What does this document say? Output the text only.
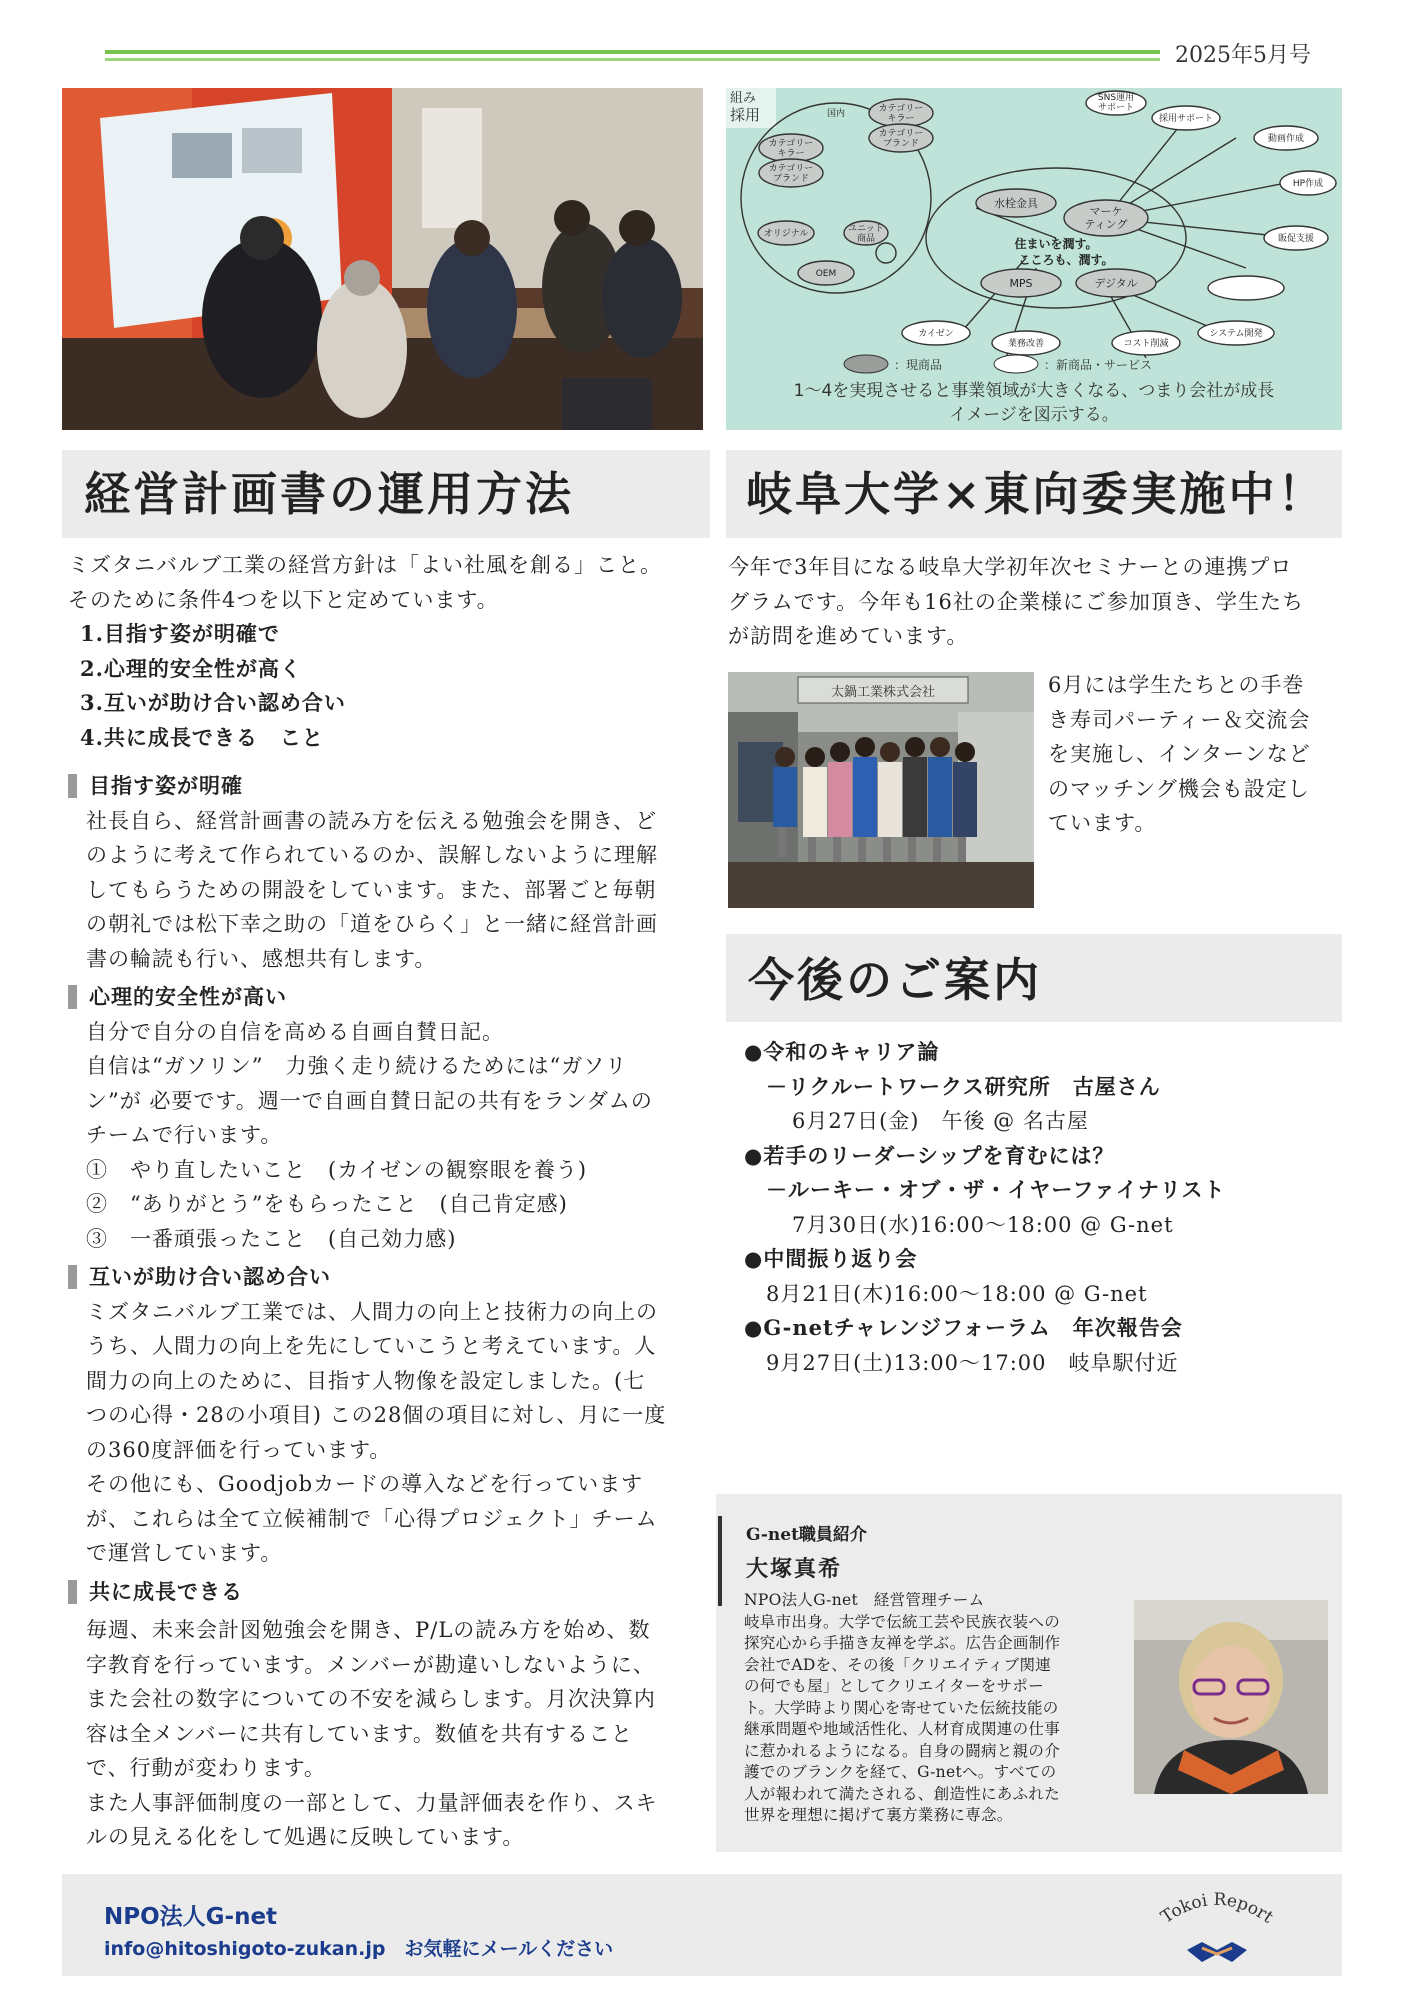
2025年5月号
組み
採用	国内
カテゴリー
キラー
カテゴリー
ブランド
カテゴリー
キラー
カテゴリー
ブランド
オリジナル	ユニット
商品
OEM
水栓金具
マーケ
ティング
住まいを潤す。
こころも、潤す。
SNS運用
サポート
採用サポート
動画作成
HP作成
販促支援
MPS	デジタル
カイゼン
業務改善	コスト削減
システム開発
：現商品	：新商品・サービス
1〜4を実現させると事業領域が大きくなる、つまり会社が成長
イメージを図示する。
経営計画書の運用方法

ミズタニバルブ工業の経営方針は「よい社風を創る」こと。

そのために条件4つを以下と定めています。

1.目指す姿が明確で
2.心理的安全性が高く
3.互いが助け合い認め合い
4.共に成長できる　こと
目指す姿が明確

社長自ら、経営計画書の読み方を伝える勉強会を開き、ど

のように考えて作られているのか、誤解しないように理解

してもらうための開設をしています。また、部署ごと毎朝

の朝礼では松下幸之助の「道をひらく」と一緒に経営計画

書の輪読も行い、感想共有します。

心理的安全性が高い

自分で自分の自信を高める自画自賛日記。

自信は“ガソリン”　力強く走り続けるためには“ガソリ

ン”が 必要です。週一で自画自賛日記の共有をランダムの

チームで行います。

①　やり直したいこと　(カイゼンの観察眼を養う)

②　“ありがとう”をもらったこと　(自己肯定感)

③　一番頑張ったこと　(自己効力感)

互いが助け合い認め合い

ミズタニバルブ工業では、人間力の向上と技術力の向上の

うち、人間力の向上を先にしていこうと考えています。人

間力の向上のために、目指す人物像を設定しました。(七

つの心得・28の小項目) この28個の項目に対し、月に一度

の360度評価を行っています。

その他にも、Goodjobカードの導入などを行っています

が、これらは全て立候補制で「心得プロジェクト」チーム

で運営しています。

共に成長できる

毎週、未来会計図勉強会を開き、P/Lの読み方を始め、数

字教育を行っています。メンバーが勘違いしないように、

また会社の数字についての不安を減らします。月次決算内

容は全メンバーに共有しています。数値を共有すること

で、行動が変わります。

また人事評価制度の一部として、力量評価表を作り、スキ

ルの見える化をして処遇に反映しています。

岐阜大学×東向委実施中！

今年で3年目になる岐阜大学初年次セミナーとの連携プロ

グラムです。今年も16社の企業様にご参加頂き、学生たち

が訪問を進めています。

太鍋工業株式会社	6月には学生たちとの手巻

き寿司パーティー＆交流会

を実施し、インターンなど

のマッチング機会も設定し

ています。

今後のご案内
●令和のキャリア論
－リクルートワークス研究所　古屋さん
6月27日(金)　午後 @ 名古屋
●若手のリーダーシップを育むには？
－ルーキー・オブ・ザ・イヤーファイナリスト
7月30日(水)16:00～18:00 @ G-net
●中間振り返り会
8月21日(木)16:00～18:00 @ G-net
●G-netチャレンジフォーラム　年次報告会
9月27日(土)13:00～17:00　岐阜駅付近
G-net職員紹介
大塚真希
NPO法人G-net　経営管理チーム
岐阜市出身。大学で伝統工芸や民族衣装への
探究心から手描き友禅を学ぶ。広告企画制作
会社でADを、その後「クリエイティブ関連
の何でも屋」としてクリエイターをサポー
ト。大学時より関心を寄せていた伝統技能の
継承問題や地域活性化、人材育成関連の仕事
に惹かれるようになる。自身の闘病と親の介
護でのブランクを経て、G-netへ。すべての
人が報われて満たされる、創造性にあふれた
世界を理想に掲げて裏方業務に専念。
NPO法人G-net
info@hitoshigoto-zukan.jp　お気軽にメールください
Tokoi Report
